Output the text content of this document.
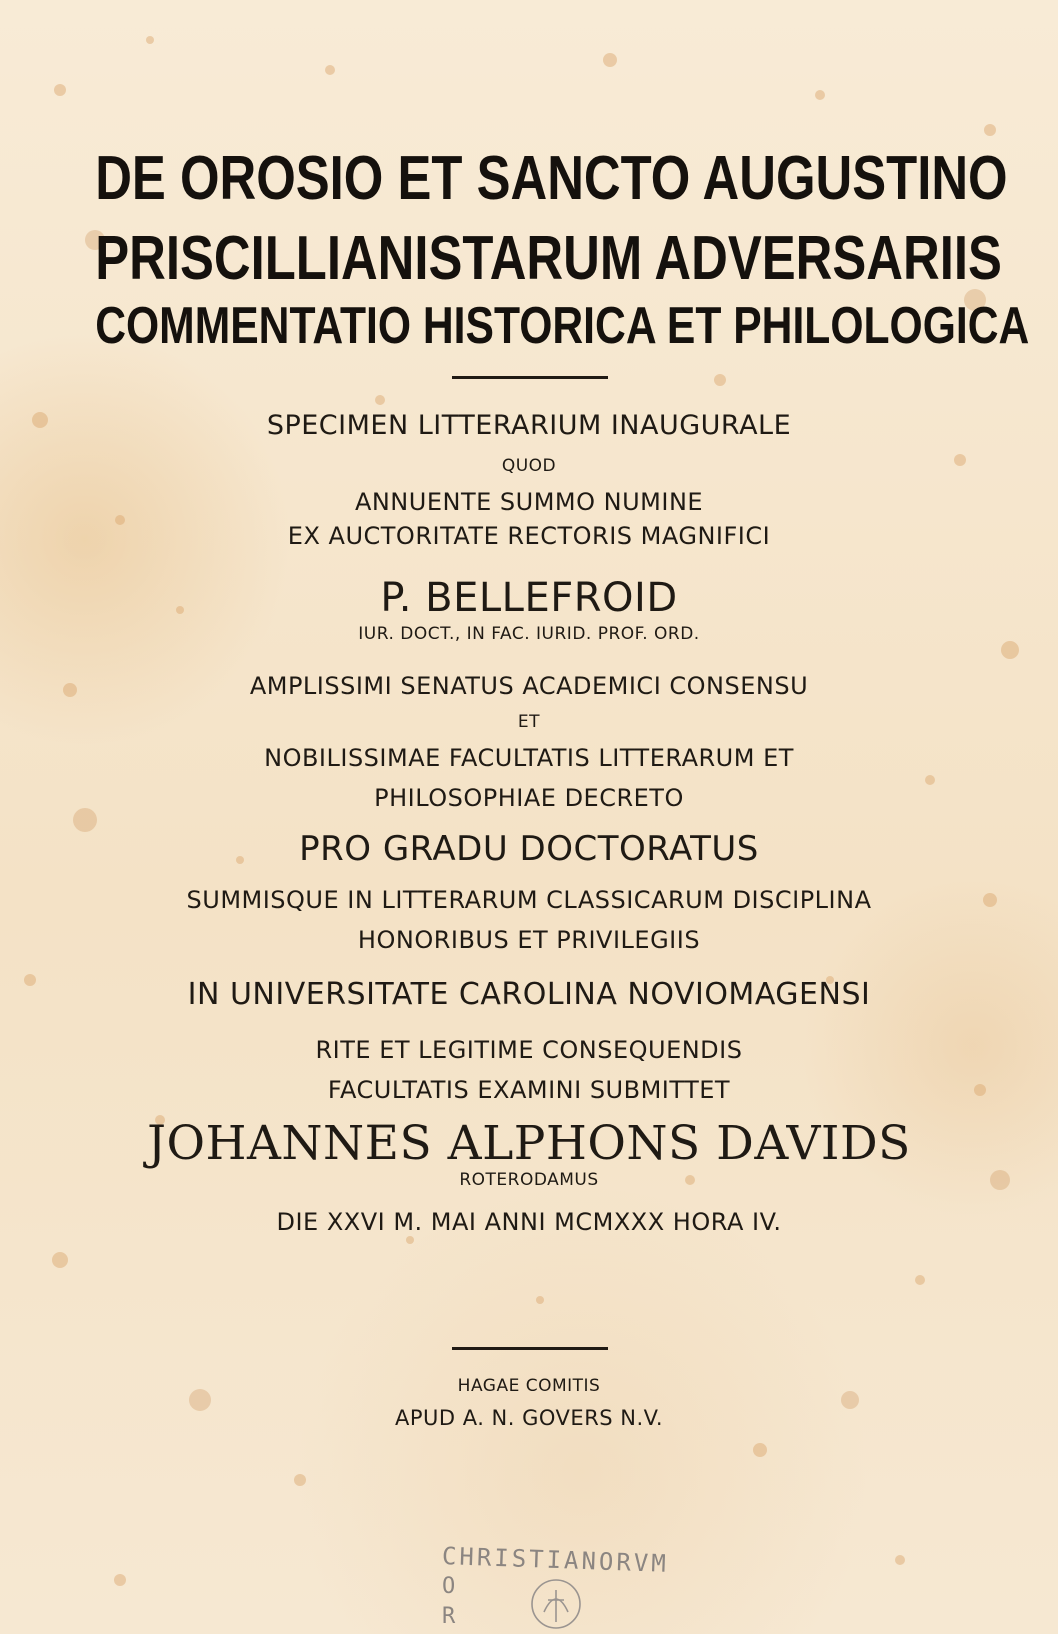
DE OROSIO ET SANCTO AUGUSTINO
PRISCILLIANISTARUM ADVERSARIIS
COMMENTATIO HISTORICA ET PHILOLOGICA
SPECIMEN LITTERARIUM INAUGURALE
QUOD
ANNUENTE SUMMO NUMINE
EX AUCTORITATE RECTORIS MAGNIFICI
P. BELLEFROID
IUR. DOCT., IN FAC. IURID. PROF. ORD.
AMPLISSIMI SENATUS ACADEMICI CONSENSU
ET
NOBILISSIMAE FACULTATIS LITTERARUM ET
PHILOSOPHIAE DECRETO
PRO GRADU DOCTORATUS
SUMMISQUE IN LITTERARUM CLASSICARUM DISCIPLINA
HONORIBUS ET PRIVILEGIIS
IN UNIVERSITATE CAROLINA NOVIOMAGENSI
RITE ET LEGITIME CONSEQUENDIS
FACULTATIS EXAMINI SUBMITTET
JOHANNES ALPHONS DAVIDS
ROTERODAMUS
DIE XXVI M. MAI ANNI MCMXXX HORA IV.
HAGAE COMITIS
APUD A. N. GOVERS N.V.
CHRISTIANORVM
O
R
